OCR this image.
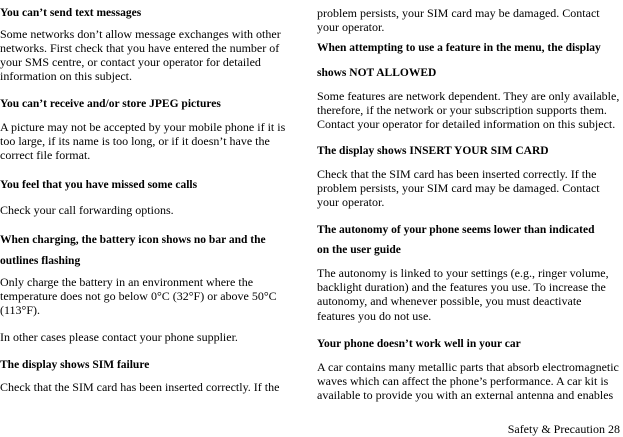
You can’t send text messages
Some networks don’t allow message exchanges with other
networks. First check that you have entered the number of
your SMS centre, or contact your operator for detailed
information on this subject.
You can’t receive and/or store JPEG pictures
A picture may not be accepted by your mobile phone if it is
too large, if its name is too long, or if it doesn’t have the
correct file format.
You feel that you have missed some calls
Check your call forwarding options.
When charging, the battery icon shows no bar and the
outlines flashing
Only charge the battery in an environment where the
temperature does not go below 0°C (32°F) or above 50°C
(113°F).
In other cases please contact your phone supplier.
The display shows SIM failure
Check that the SIM card has been inserted correctly. If the
problem persists, your SIM card may be damaged. Contact
your operator.
When attempting to use a feature in the menu, the display
shows NOT ALLOWED
Some features are network dependent. They are only available,
therefore, if the network or your subscription supports them.
Contact your operator for detailed information on this subject.
The display shows INSERT YOUR SIM CARD
Check that the SIM card has been inserted correctly. If the
problem persists, your SIM card may be damaged. Contact
your operator.
The autonomy of your phone seems lower than indicated
on the user guide
The autonomy is linked to your settings (e.g., ringer volume,
backlight duration) and the features you use. To increase the
autonomy, and whenever possible, you must deactivate
features you do not use.
Your phone doesn’t work well in your car
A car contains many metallic parts that absorb electromagnetic
waves which can affect the phone’s performance. A car kit is
available to provide you with an external antenna and enables
Safety & Precaution 28
